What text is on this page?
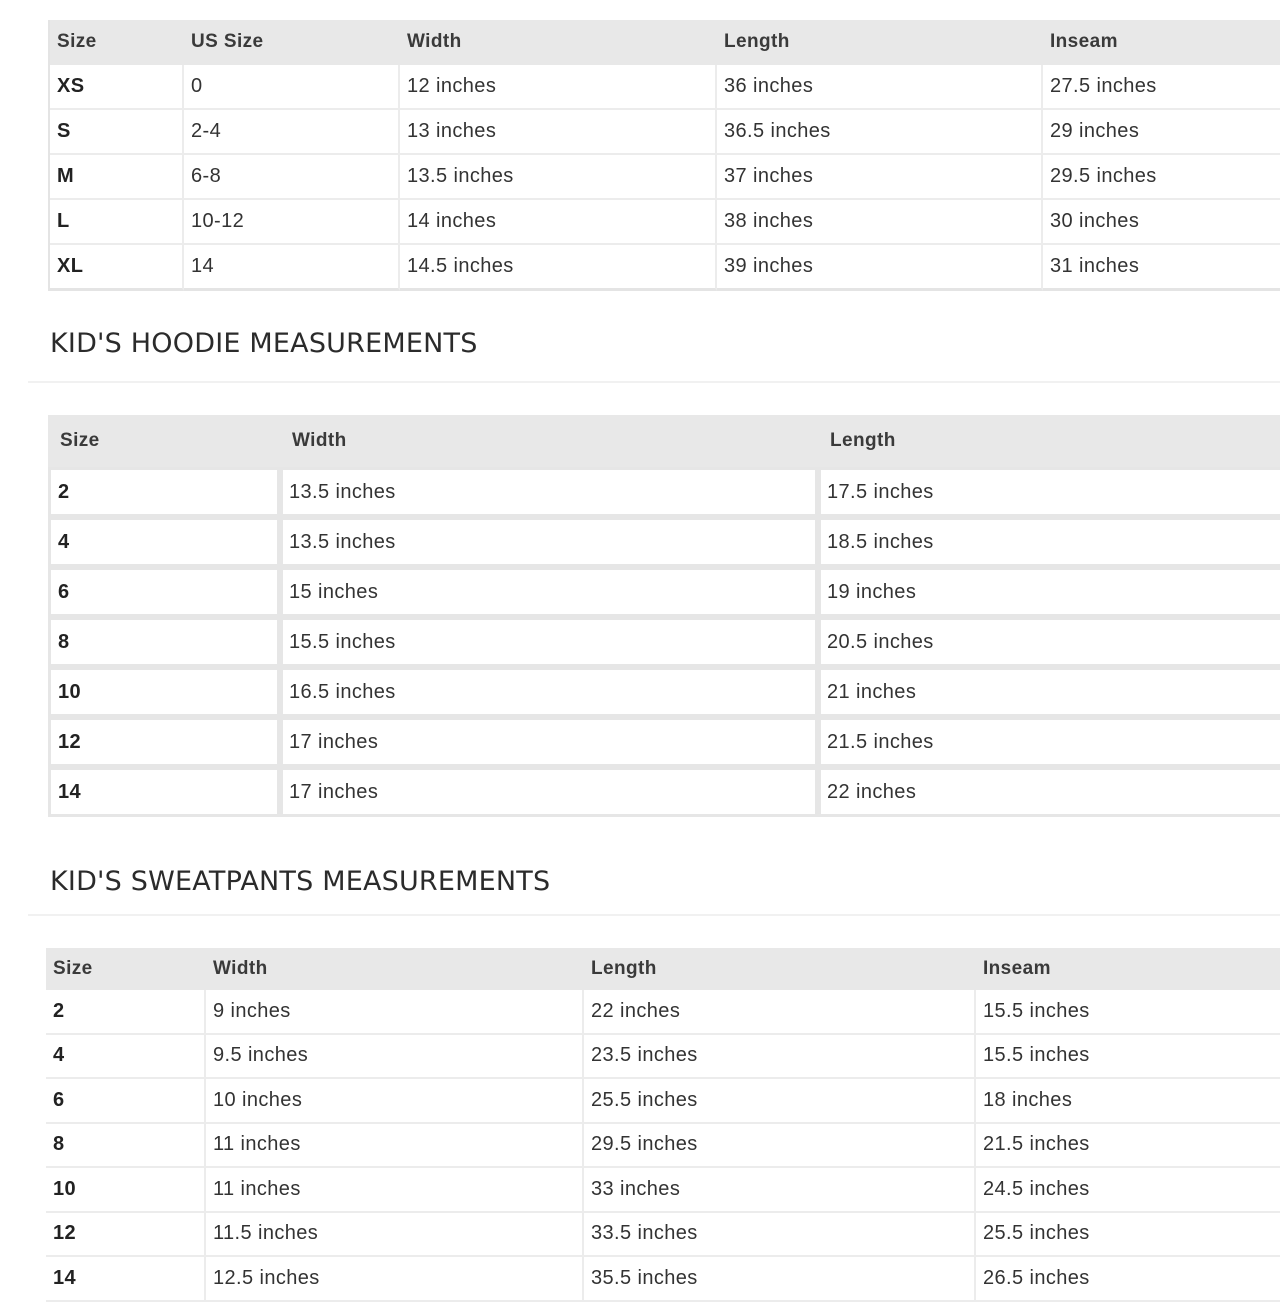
Size	US Size	Width	Length	Inseam
XS	0	12 inches	36 inches	27.5 inches
S	2-4	13 inches	36.5 inches	29 inches
M	6-8	13.5 inches	37 inches	29.5 inches
L	10-12	14 inches	38 inches	30 inches
XL	14	14.5 inches	39 inches	31 inches
KID'S HOODIE MEASUREMENTS
Size	Width	Length
2	13.5 inches	17.5 inches
4	13.5 inches	18.5 inches
6	15 inches	19 inches
8	15.5 inches	20.5 inches
10	16.5 inches	21 inches
12	17 inches	21.5 inches
14	17 inches	22 inches
KID'S SWEATPANTS MEASUREMENTS
Size	Width	Length	Inseam
2	9 inches	22 inches	15.5 inches
4	9.5 inches	23.5 inches	15.5 inches
6	10 inches	25.5 inches	18 inches
8	11 inches	29.5 inches	21.5 inches
10	11 inches	33 inches	24.5 inches
12	11.5 inches	33.5 inches	25.5 inches
14	12.5 inches	35.5 inches	26.5 inches
